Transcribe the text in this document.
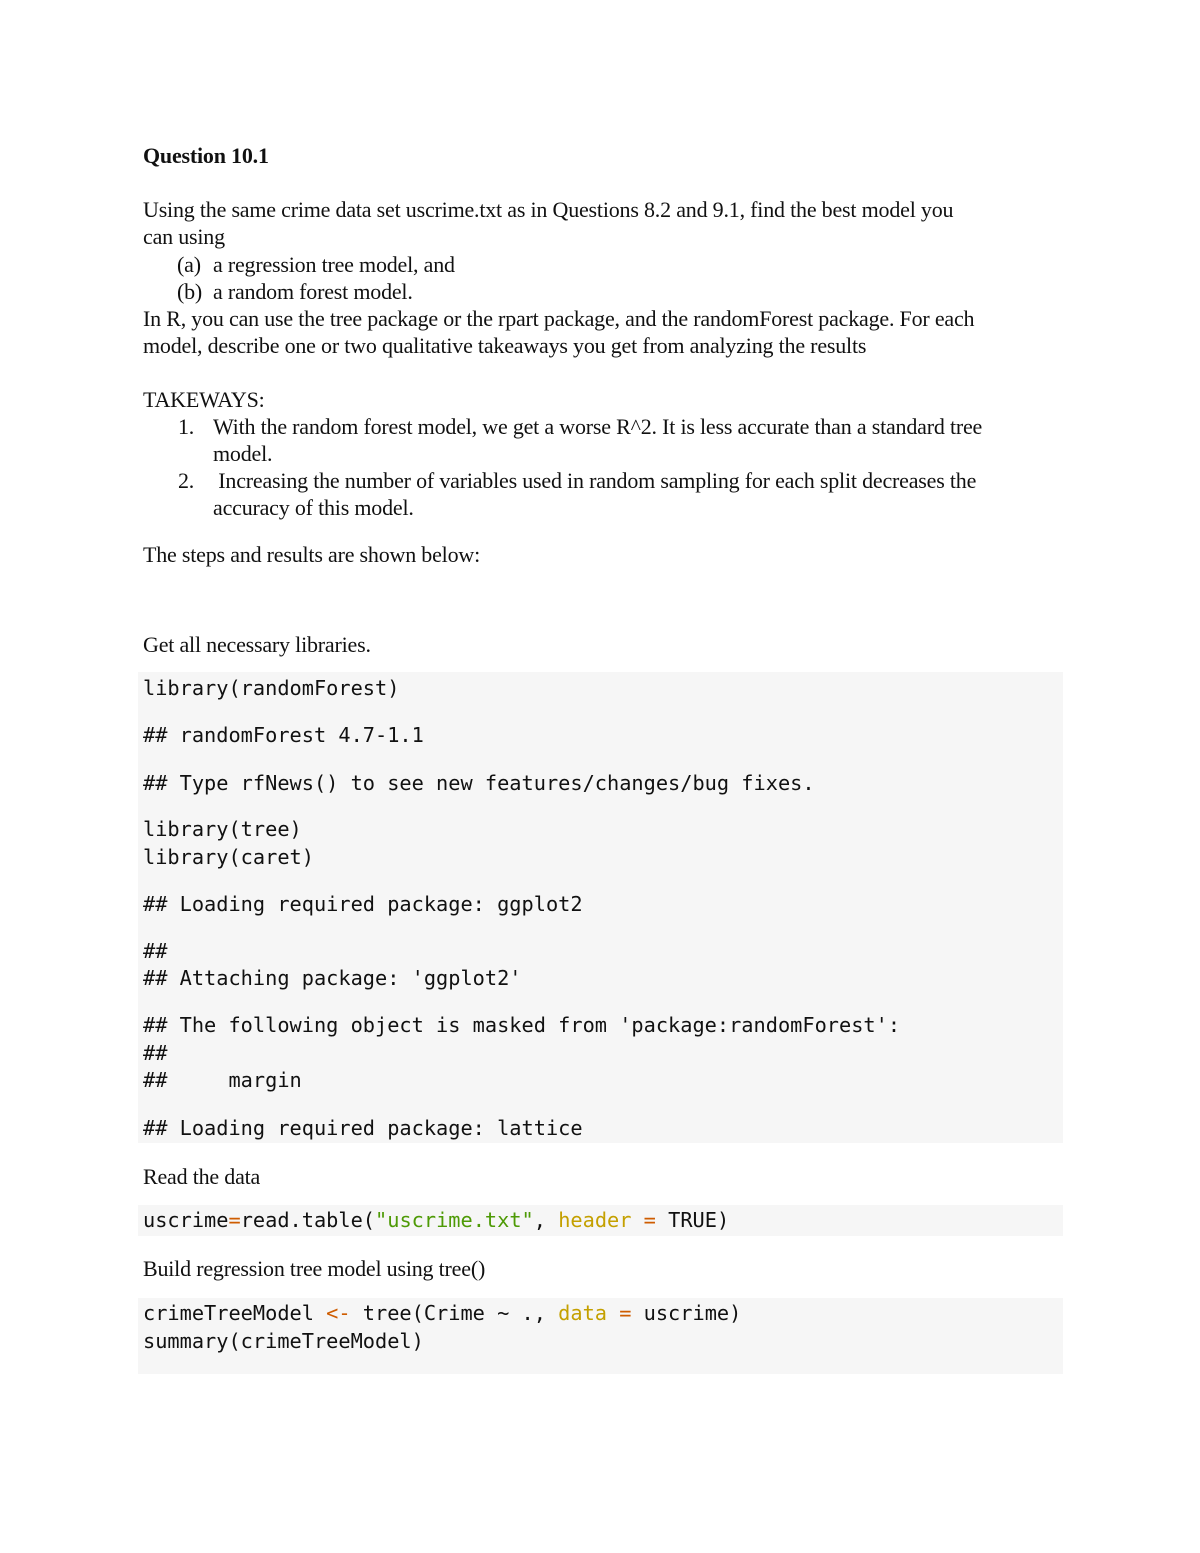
Question 10.1
Using the same crime data set uscrime.txt as in Questions 8.2 and 9.1, find the best model you
can using
(a) a regression tree model, and
(b) a random forest model.
In R, you can use the tree package or the rpart package, and the randomForest package. For each
model, describe one or two qualitative takeaways you get from analyzing the results
TAKEWAYS:
1. With the random forest model, we get a worse R^2. It is less accurate than a standard tree
model.
2. Increasing the number of variables used in random sampling for each split decreases the
accuracy of this model.
The steps and results are shown below:
Get all necessary libraries.
library(randomForest)
## randomForest 4.7-1.1
## Type rfNews() to see new features/changes/bug fixes.
library(tree)
library(caret)
## Loading required package: ggplot2
##
## Attaching package: 'ggplot2'
## The following object is masked from 'package:randomForest':
##
##     margin
## Loading required package: lattice
Read the data
uscrime=read.table("uscrime.txt", header = TRUE)
Build regression tree model using tree()
crimeTreeModel <- tree(Crime ~ ., data = uscrime)
summary(crimeTreeModel)
